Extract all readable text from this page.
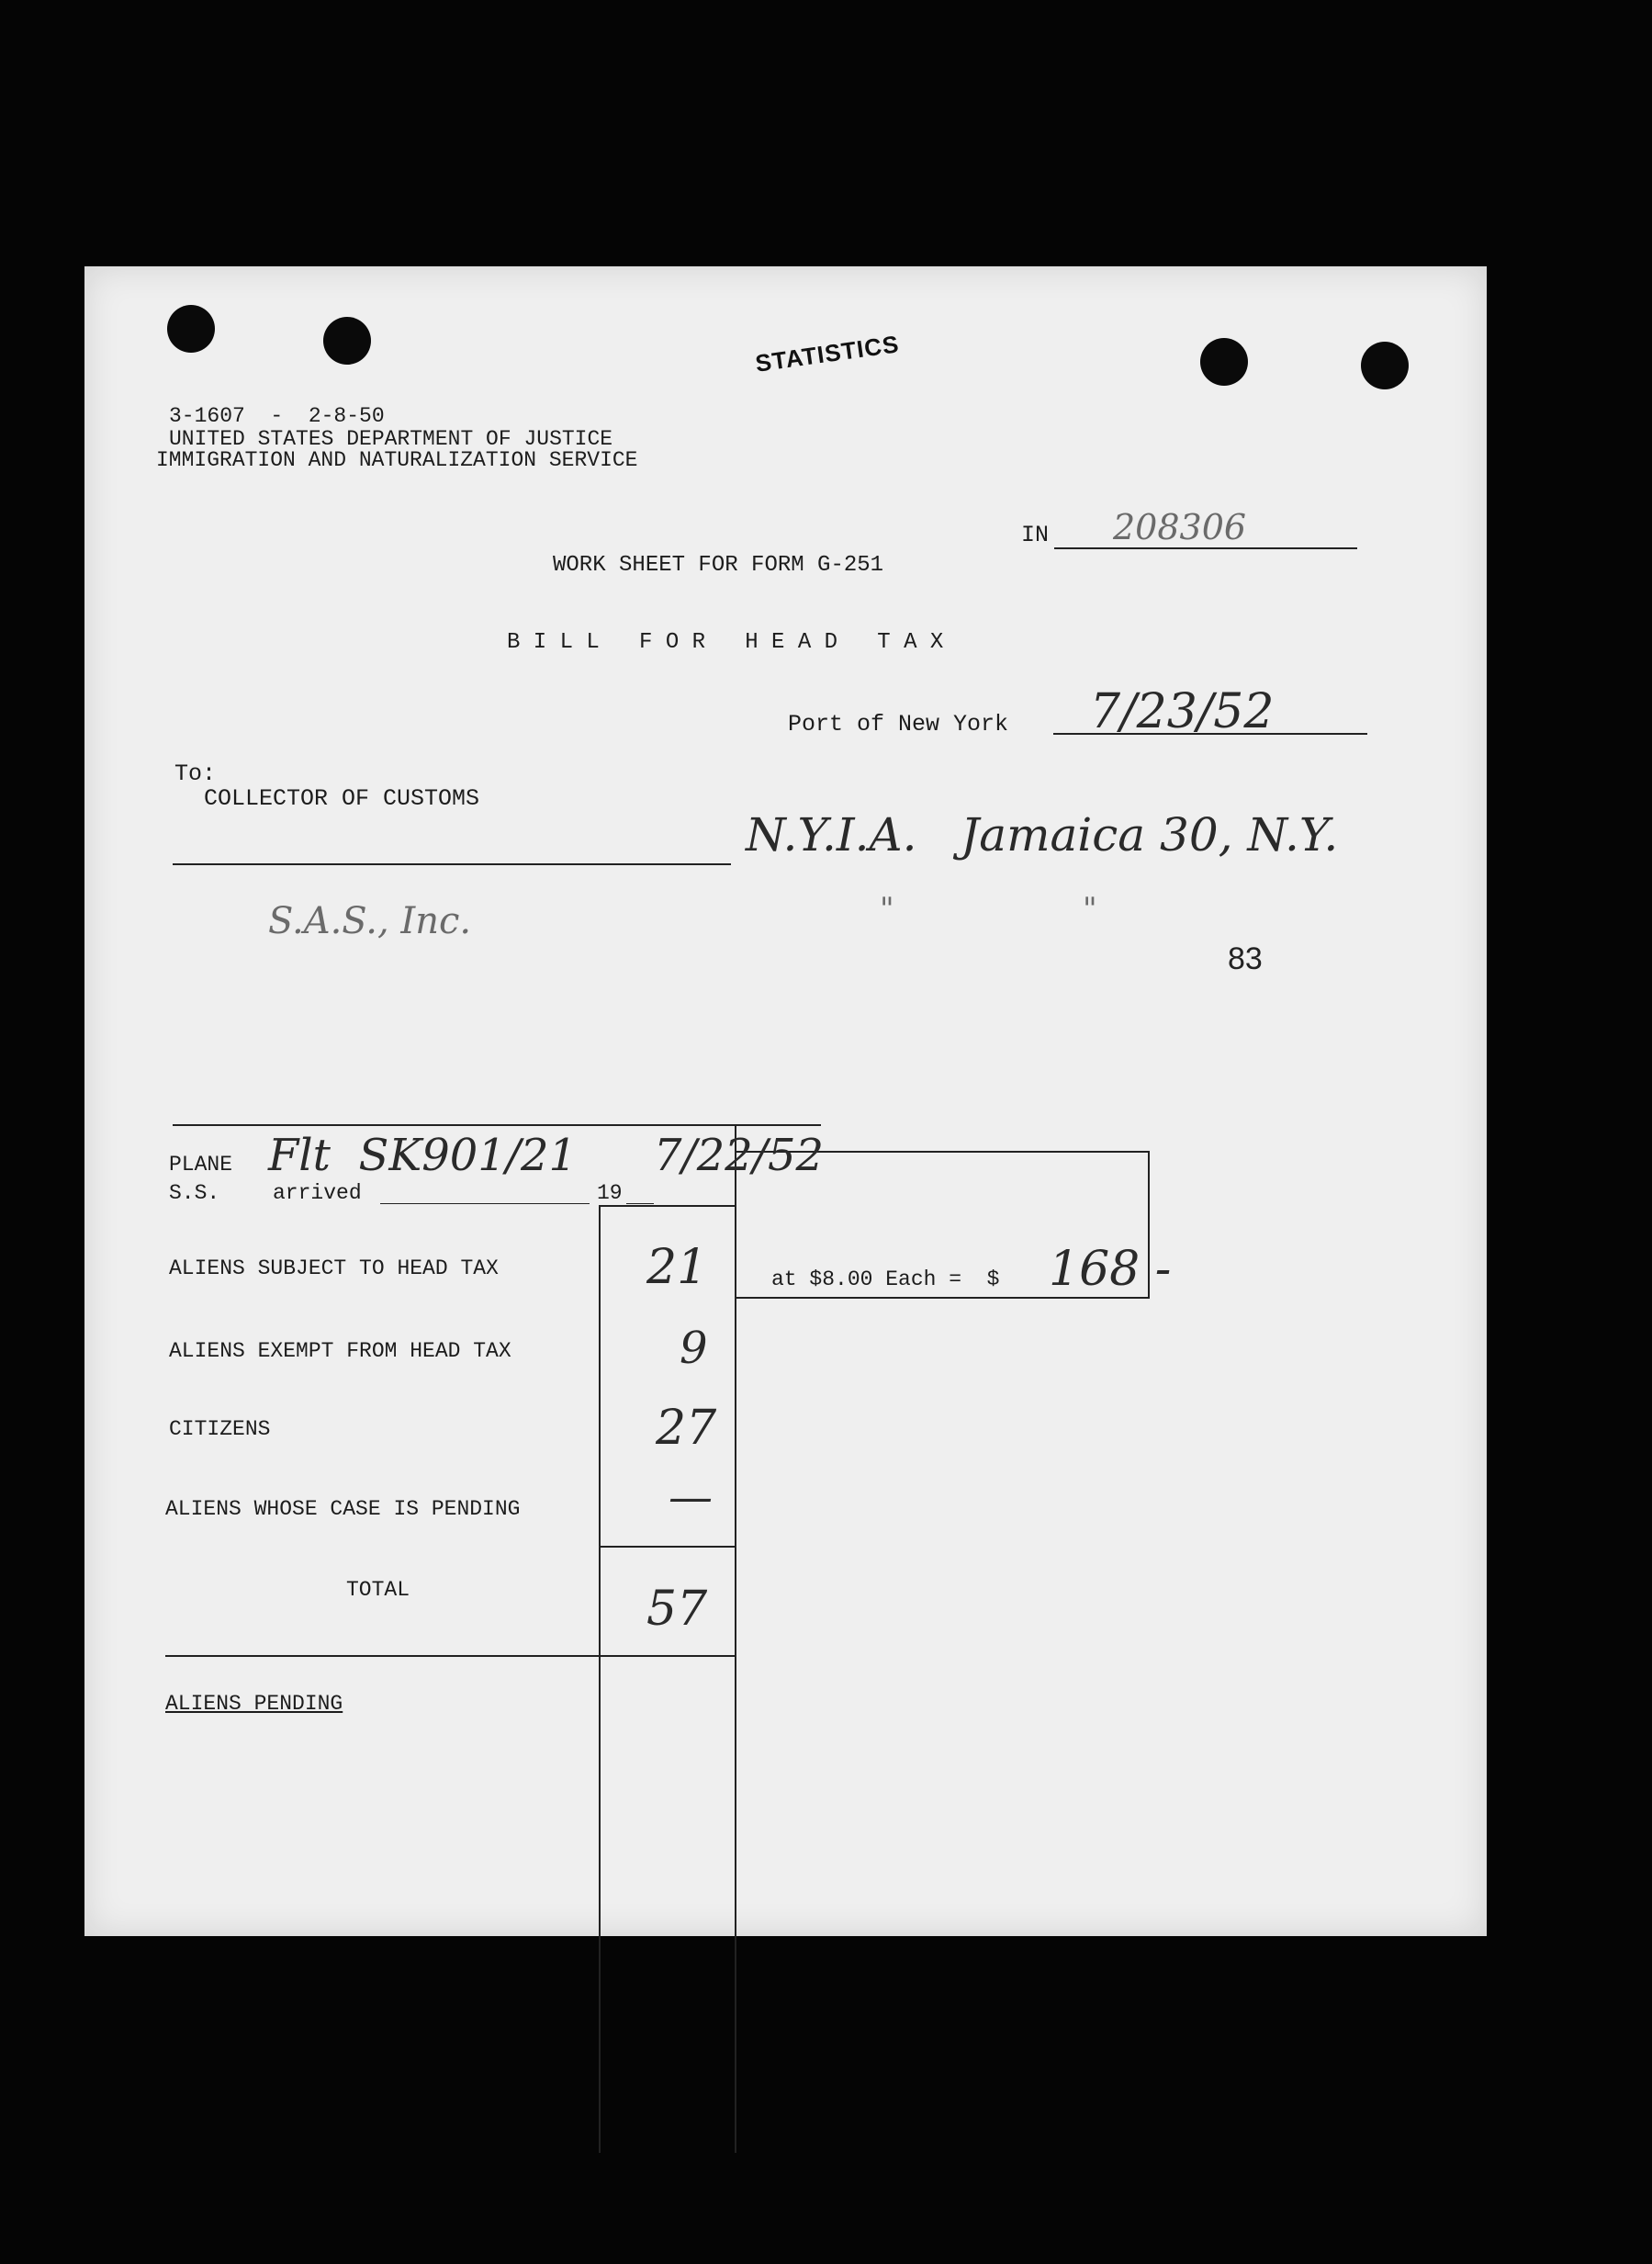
STATISTICS
3-1607  -  2-8-50
UNITED STATES DEPARTMENT OF JUSTICE
IMMIGRATION AND NATURALIZATION SERVICE
IN 208306
WORK SHEET FOR FORM G-251
B I L L   F O R   H E A D   T A X
Port of New York 7/23/52
To:
COLLECTOR OF CUSTOMS
N.Y.I.A.   Jamaica 30, N.Y.
S.A.S., Inc.	"                   "
83
PLANE
S.S.	arrived	19
Flt  SK901/21 7/22/52
ALIENS SUBJECT TO HEAD TAX	21
ALIENS EXEMPT FROM HEAD TAX	9
CITIZENS	27
ALIENS WHOSE CASE IS PENDING	—
TOTAL	57
at $8.00 Each =  $ 168 -
ALIENS PENDING
